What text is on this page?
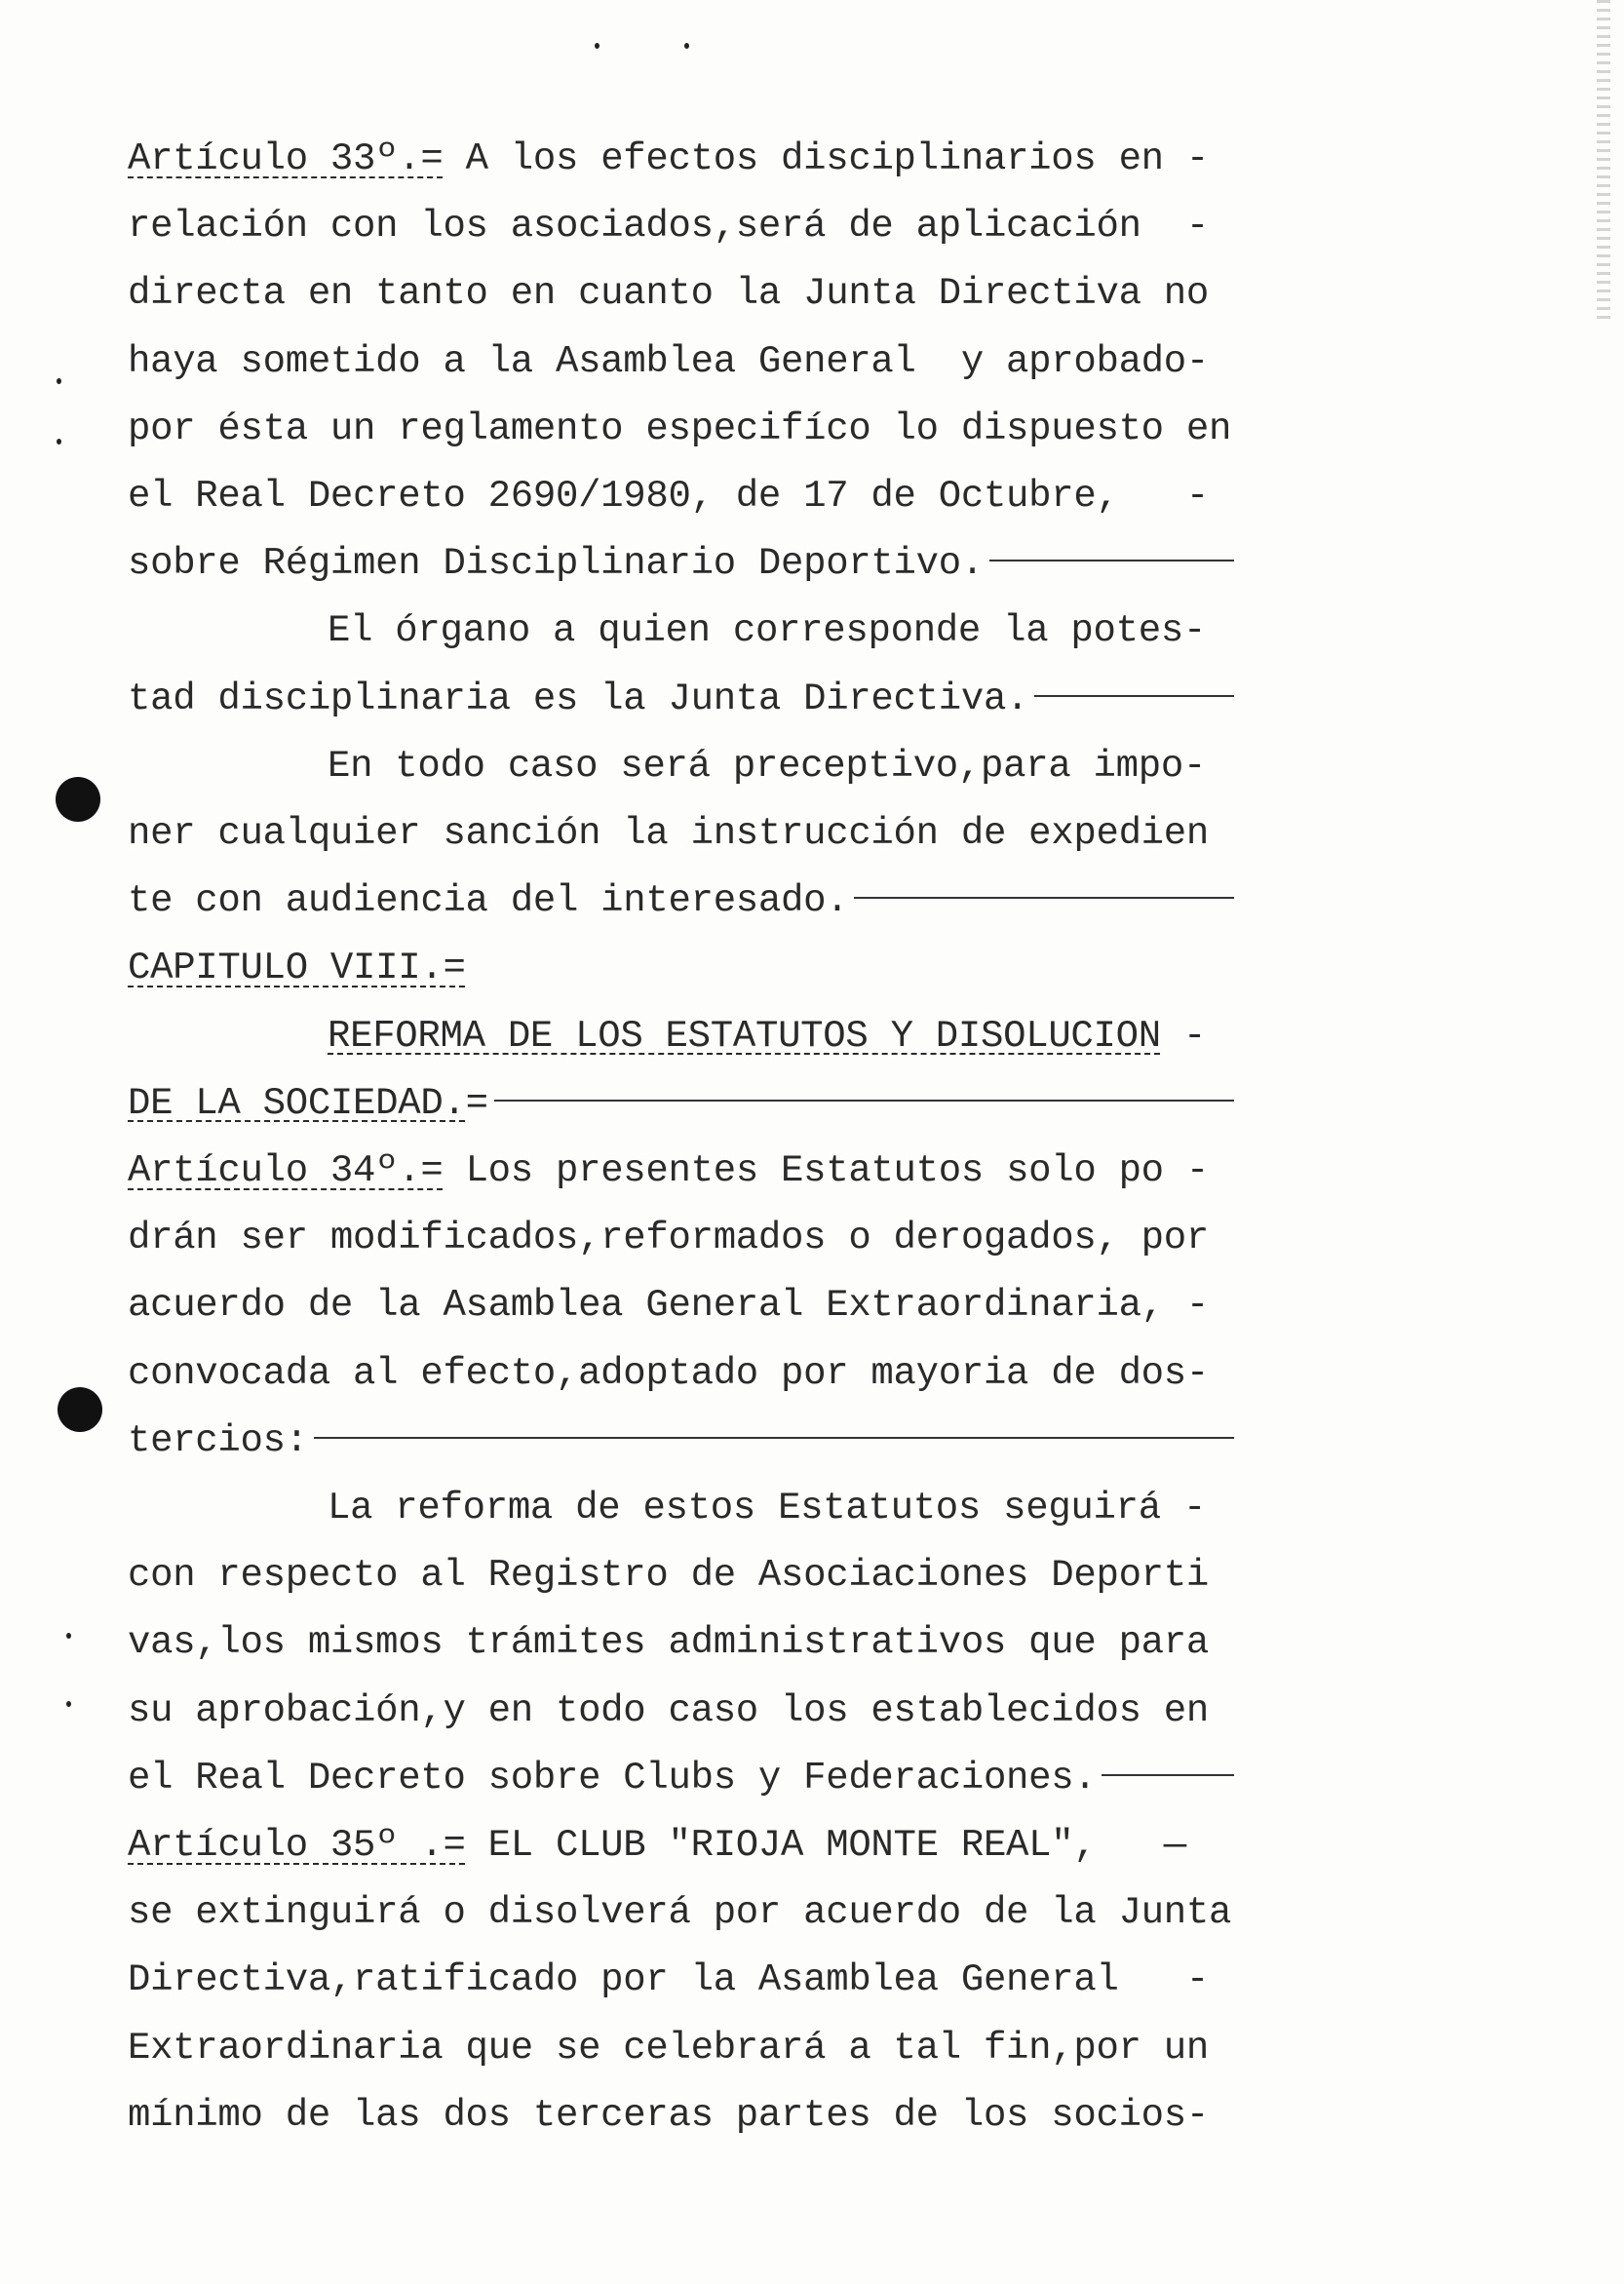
Artículo 33º.= A los efectos disciplinarios en -
relación con los asociados,será de aplicación  -
directa en tanto en cuanto la Junta Directiva no
haya sometido a la Asamblea General  y aprobado-
por ésta un reglamento especifíco lo dispuesto en
el Real Decreto 2690/1980, de 17 de Octubre,   -
sobre Régimen Disciplinario Deportivo.
El órgano a quien corresponde la potes-
tad disciplinaria es la Junta Directiva.
En todo caso será preceptivo,para impo-
ner cualquier sanción la instrucción de expedien
te con audiencia del interesado.
CAPITULO VIII.=
REFORMA DE LOS ESTATUTOS Y DISOLUCION -
DE LA SOCIEDAD. =
Artículo 34º.= Los presentes Estatutos solo po -
drán ser modificados,reformados o derogados, por
acuerdo de la Asamblea General Extraordinaria, -
convocada al efecto,adoptado por mayoria de dos-
tercios:
La reforma de estos Estatutos seguirá -
con respecto al Registro de Asociaciones Deporti
vas,los mismos trámites administrativos que para
su aprobación,y en todo caso los establecidos en
el Real Decreto sobre Clubs y Federaciones.
Artículo 35º .= EL CLUB "RIOJA MONTE REAL",   —
se extinguirá o disolverá por acuerdo de la Junta
Directiva,ratificado por la Asamblea General   -
Extraordinaria que se celebrará a tal fin,por un
mínimo de las dos terceras partes de los socios-
